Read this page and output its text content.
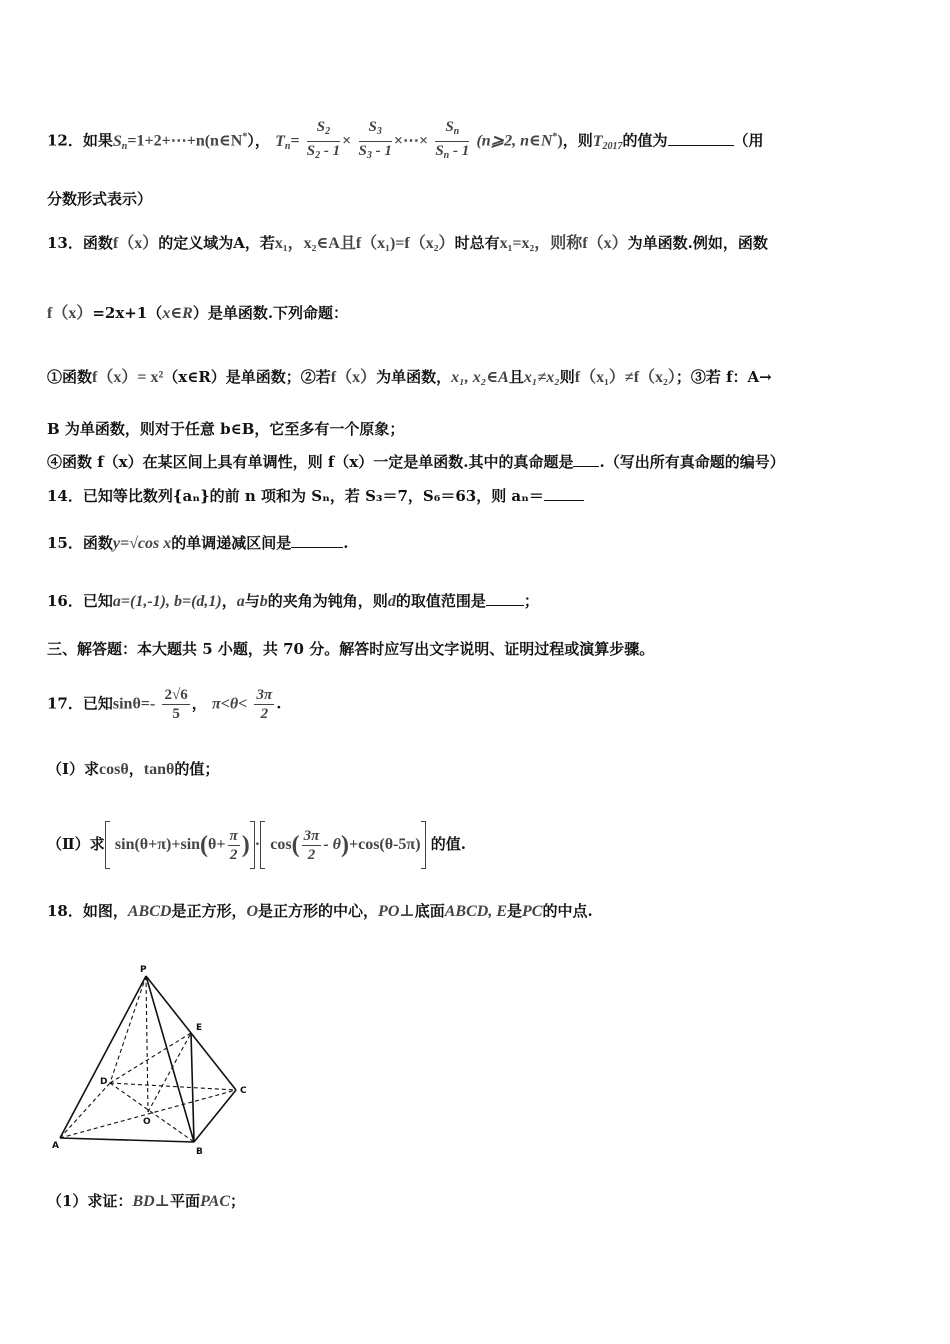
12．如果$S_n=1+2+\cdots+n(n\in N^*)$， $T_n= \frac{S_2}{S_2 - 1} \times \frac{S_3}{S_3 - 1}$ ×⋯× $\frac{S_n}{S_n - 1}$ (n⩾2, n∈N*)，则$T_{2017}$的值为	（用
分数形式表示）
13．函数f（x）的定义域为A，若x₁，x₂∈A且f（x₁)=f（x₂）时总有x₁=x₂，则称f（x）为单函数.例如，函数
f（x）=2x+1（x∈R）是单函数.下列命题：
①函数f（x）= x²（x∈R）是单函数；②若f（x）为单函数，x₁, x₂∈A且x₁≠x₂则f（x₁）≠f（x₂）；③若 f：A→
B 为单函数，则对于任意 b∈B，它至多有一个原象；
④函数 f（x）在某区间上具有单调性，则 f（x）一定是单函数.其中的真命题是 .（写出所有真命题的编号）
14．已知等比数列{aₙ}的前 n 项和为 Sₙ，若 S₃＝7，S₆＝63，则 aₙ＝
15．函数y=√cos x的单调递减区间是	.
16．已知a=(1,-1), b=(d,1)，a与b的夹角为钝角，则d的取值范围是	；
三、解答题：本大题共 5 小题，共 70 分。解答时应写出文字说明、证明过程或演算步骤。
17．已知$\sin\theta=- \frac{2√6}{5}$ ， $\pi<\theta< \frac{3\pi}{2}$ .
（Ⅰ）求cosθ，tanθ的值；
（Ⅱ）求 $\sin(\theta+\pi)+\sin(\theta+ \frac{\pi}{2}$ ) · $\cos( \frac{3\pi}{2} - \theta)+\cos(\theta-5\pi)$ 的值.
18．如图，ABCD是正方形，O是正方形的中心，PO⊥底面ABCD, E是PC的中点.
P
E
D
C
O
A
B
（1）求证：BD⊥平面PAC；
